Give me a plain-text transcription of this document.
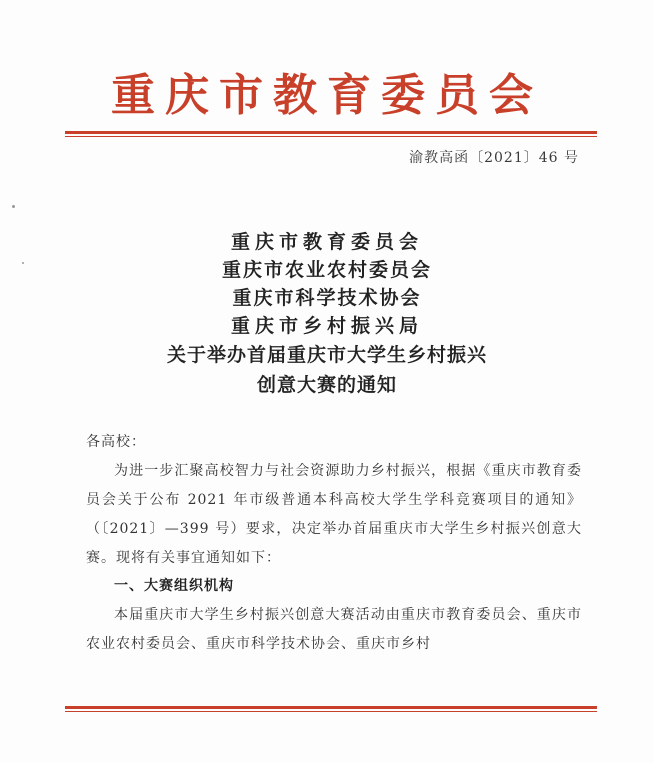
重庆市教育委员会
渝教高函〔2021〕46 号
重庆市教育委员会
重庆市农业农村委员会
重庆市科学技术协会
重庆市乡村振兴局
关于举办首届重庆市大学生乡村振兴
创意大赛的通知
各高校：
为进一步汇聚高校智力与社会资源助力乡村振兴，根据《重庆市教育委员会关于公布 2021 年市级普通本科高校大学生学科竞赛项目的通知》（〔2021〕—399 号）要求，决定举办首届重庆市大学生乡村振兴创意大赛。现将有关事宜通知如下：
一、大赛组织机构
本届重庆市大学生乡村振兴创意大赛活动由重庆市教育委员会、重庆市农业农村委员会、重庆市科学技术协会、重庆市乡村
